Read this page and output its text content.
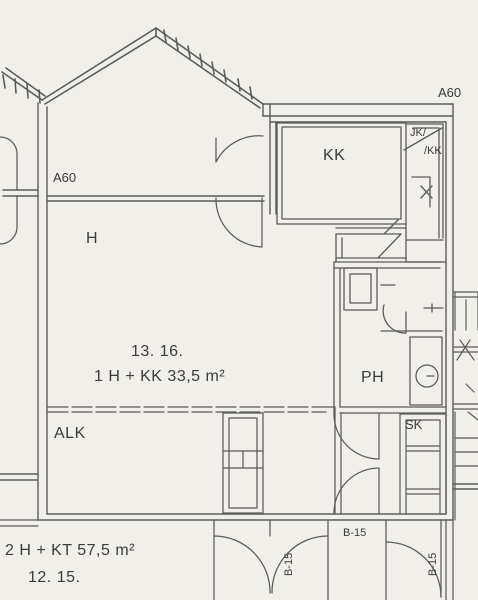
A60
A60
KK
JK/
/KK
H
13. 16.
1 H + KK 33,5 m²	PH
ALK
SK
2 H + KT 57,5 m²
12. 15.
B-15
B-15
B-15
